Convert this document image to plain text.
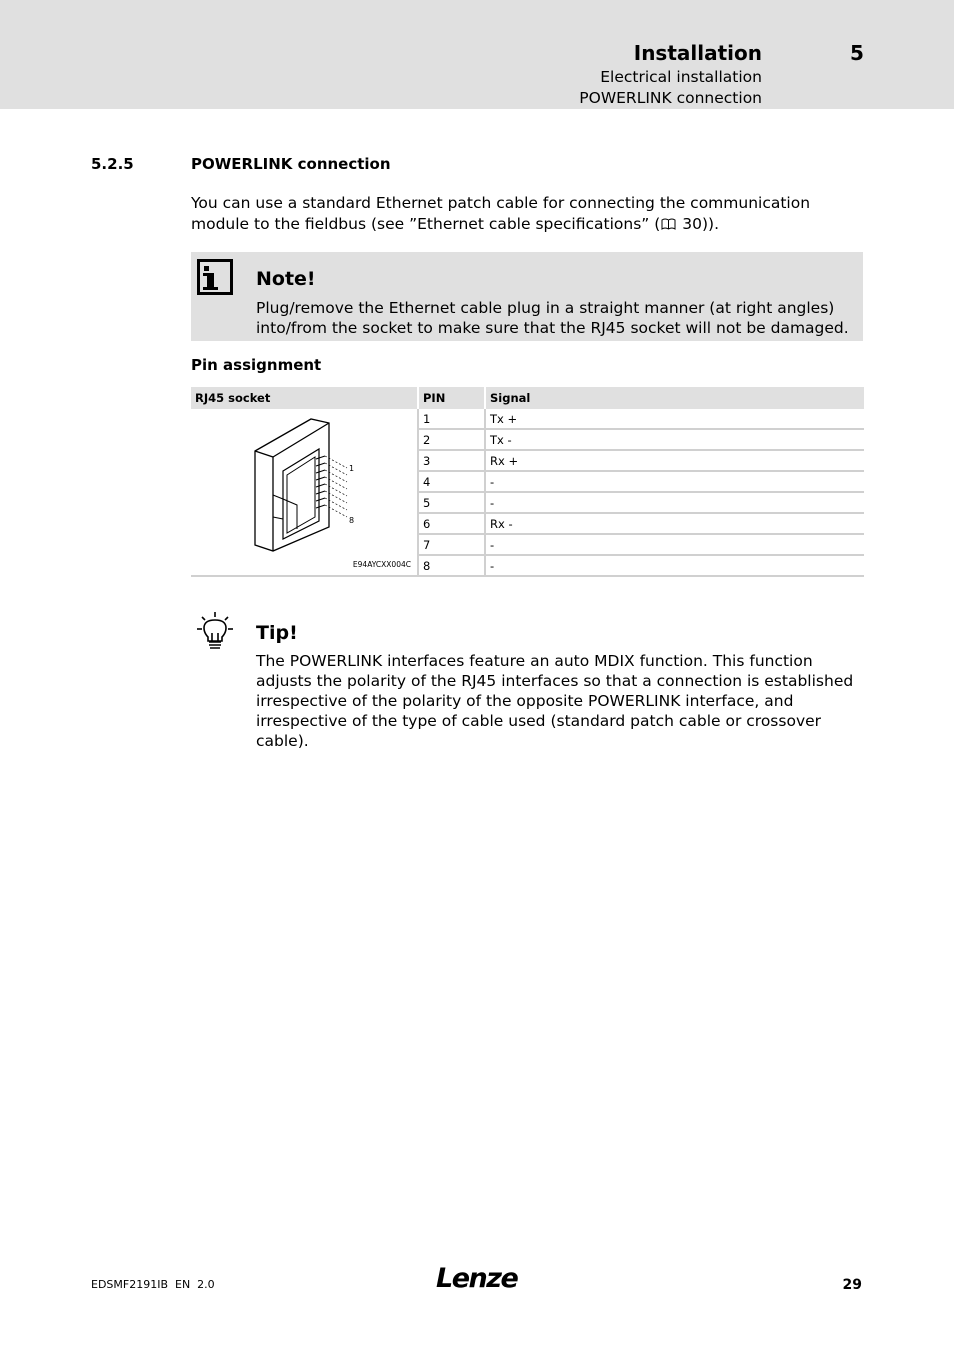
Installation	5
Electrical installation
POWERLINK connection
5.2.5	POWERLINK connection
You can use a standard Ethernet patch cable for connecting the communication module to the fieldbus (see ”Ethernet cable specifications” ( 30)).
Note!
Plug/remove the Ethernet cable plug in a straight manner (at right angles) into/from the socket to make sure that the RJ45 socket will not be damaged.
Pin assignment
RJ45 socket	PIN	Signal

1
8
E94AYCXX004C	1	Tx +
	2	Tx -
	3	Rx +
	4	-
	5	-
	6	Rx -
	7	-
	8	-
Tip!
The POWERLINK interfaces feature an auto MDIX function. This function adjusts the polarity of the RJ45 interfaces so that a connection is established irrespective of the polarity of the opposite POWERLINK interface, and irrespective of the type of cable used (standard patch cable or crossover cable).
EDSMF2191IB  EN  2.0	Lenze	29
